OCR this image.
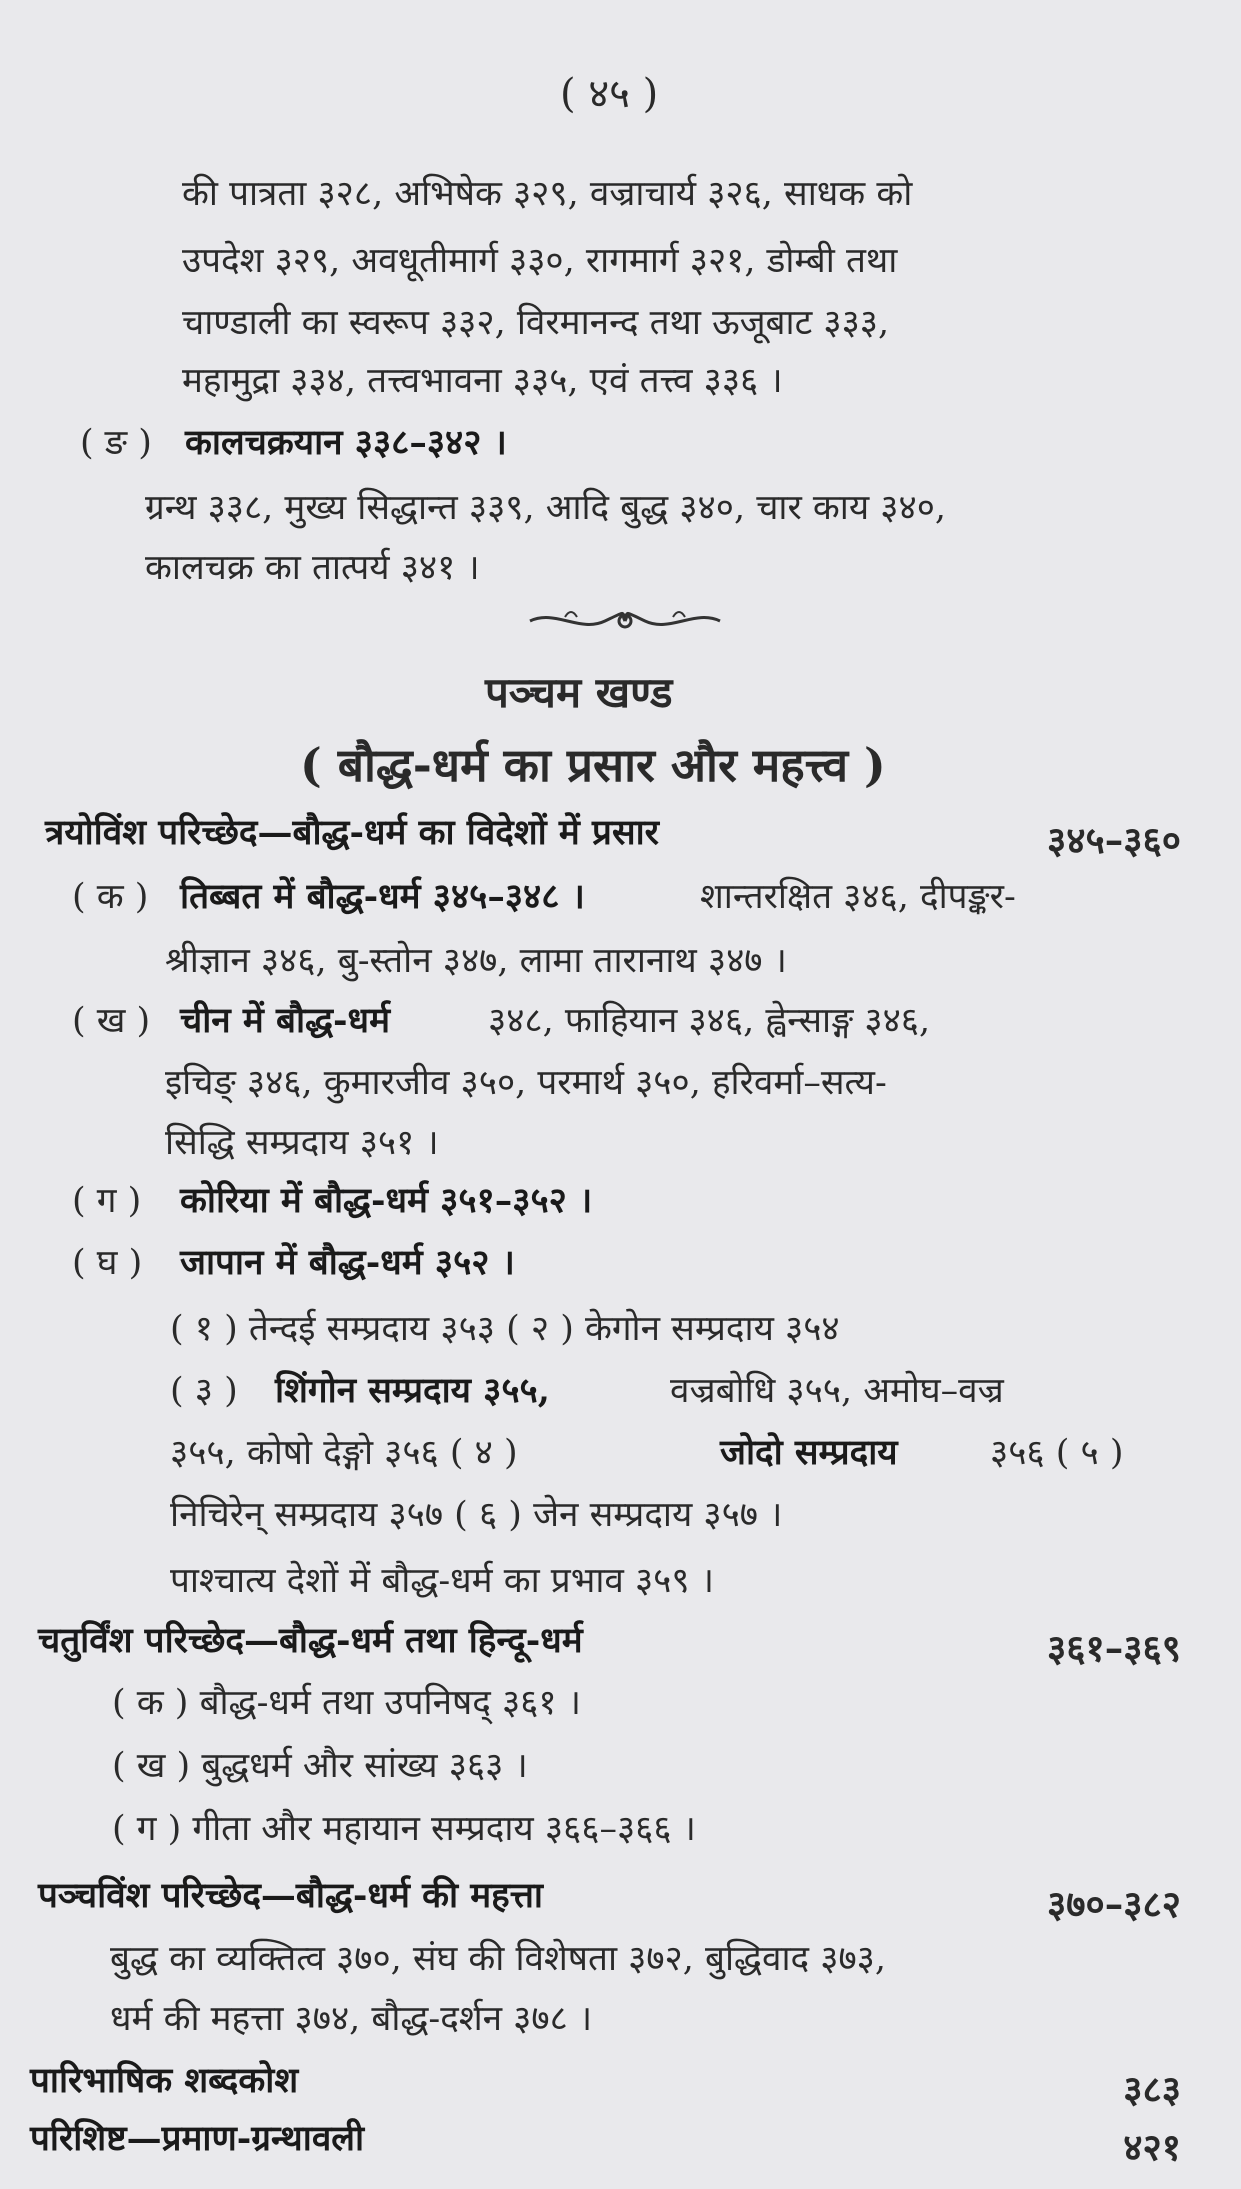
( ४५ )
की पात्रता ३२८, अभिषेक ३२९, वज्राचार्य ३२६, साधक को
उपदेश ३२९, अवधूतीमार्ग ३३०, रागमार्ग ३२१, डोम्बी तथा
चाण्डाली का स्वरूप ३३२, विरमानन्द तथा ऊजूबाट ३३३,
महामुद्रा ३३४, तत्त्वभावना ३३५, एवं तत्त्व ३३६ ।
( ङ ) कालचक्रयान ३३८–३४२ ।
ग्रन्थ ३३८, मुख्य सिद्धान्त ३३९, आदि बुद्ध ३४०, चार काय ३४०,
कालचक्र का तात्पर्य ३४१ ।
पञ्चम खण्ड
( बौद्ध-धर्म का प्रसार और महत्त्व )
त्रयोविंश परिच्छेद—बौद्ध-धर्म का विदेशों में प्रसार	३४५–३६०
( क ) तिब्बत में बौद्ध-धर्म ३४५–३४८ ।	शान्तरक्षित ३४६, दीपङ्कर-
श्रीज्ञान ३४६, बु-स्तोन ३४७, लामा तारानाथ ३४७ ।
( ख ) चीन में बौद्ध-धर्म	३४८, फाहियान ३४६, ह्वेन्साङ्ग ३४६,
इचिङ् ३४६, कुमारजीव ३५०, परमार्थ ३५०, हरिवर्मा–सत्य-
सिद्धि सम्प्रदाय ३५१ ।
( ग ) कोरिया में बौद्ध-धर्म ३५१–३५२ ।
( घ ) जापान में बौद्ध-धर्म ३५२ ।
( १ ) तेन्दई सम्प्रदाय ३५३ ( २ ) केगोन सम्प्रदाय ३५४
( ३ ) शिंगोन सम्प्रदाय ३५५,	वज्रबोधि ३५५, अमोघ–वज्र
३५५, कोषो देङ्गो ३५६ ( ४ )	जोदो सम्प्रदाय	३५६ ( ५ )
निचिरेन् सम्प्रदाय ३५७ ( ६ ) जेन सम्प्रदाय ३५७ ।
पाश्चात्य देशों में बौद्ध-धर्म का प्रभाव ३५९ ।
चतुर्विंश परिच्छेद—बौद्ध-धर्म तथा हिन्दू-धर्म	३६१–३६९
( क ) बौद्ध-धर्म तथा उपनिषद् ३६१ ।
( ख ) बुद्धधर्म और सांख्य ३६३ ।
( ग ) गीता और महायान सम्प्रदाय ३६६–३६६ ।
पञ्चविंश परिच्छेद—बौद्ध-धर्म की महत्ता	३७०–३८२
बुद्ध का व्यक्तित्व ३७०, संघ की विशेषता ३७२, बुद्धिवाद ३७३,
धर्म की महत्ता ३७४, बौद्ध-दर्शन ३७८ ।
पारिभाषिक शब्दकोश	३८३
परिशिष्ट—प्रमाण-ग्रन्थावली	४२१
